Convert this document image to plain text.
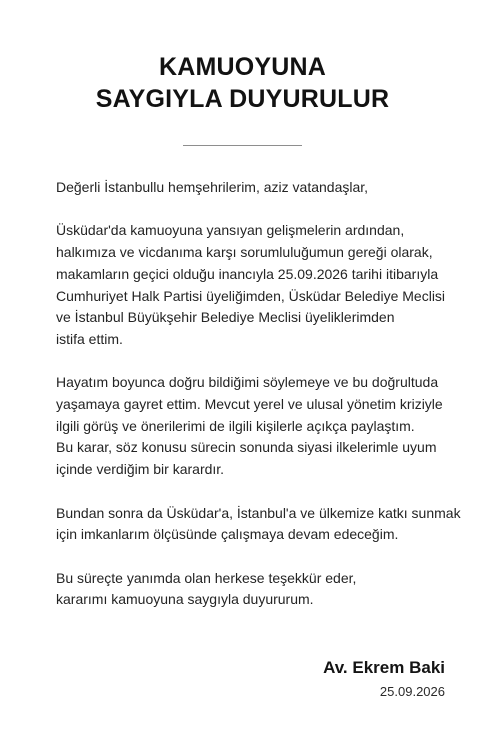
KAMUOYUNA
SAYGIYLA DUYURULUR

Değerli İstanbullu hemşehrilerim, aziz vatandaşlar,

Üsküdar'da kamuoyuna yansıyan gelişmelerin ardından,
halkımıza ve vicdanıma karşı sorumluluğumun gereği olarak,
makamların geçici olduğu inancıyla 25.09.2026 tarihi itibarıyla
Cumhuriyet Halk Partisi üyeliğimden, Üsküdar Belediye Meclisi
ve İstanbul Büyükşehir Belediye Meclisi üyeliklerimden
istifa ettim.

Hayatım boyunca doğru bildiğimi söylemeye ve bu doğrultuda
yaşamaya gayret ettim. Mevcut yerel ve ulusal yönetim kriziyle
ilgili görüş ve önerilerimi de ilgili kişilerle açıkça paylaştım.
Bu karar, söz konusu sürecin sonunda siyasi ilkelerimle uyum
içinde verdiğim bir karardır.

Bundan sonra da Üsküdar'a, İstanbul'a ve ülkemize katkı sunmak
için imkanlarım ölçüsünde çalışmaya devam edeceğim.

Bu süreçte yanımda olan herkese teşekkür eder,
kararımı kamuoyuna saygıyla duyururum.

Av. Ekrem Baki
25.09.2026
